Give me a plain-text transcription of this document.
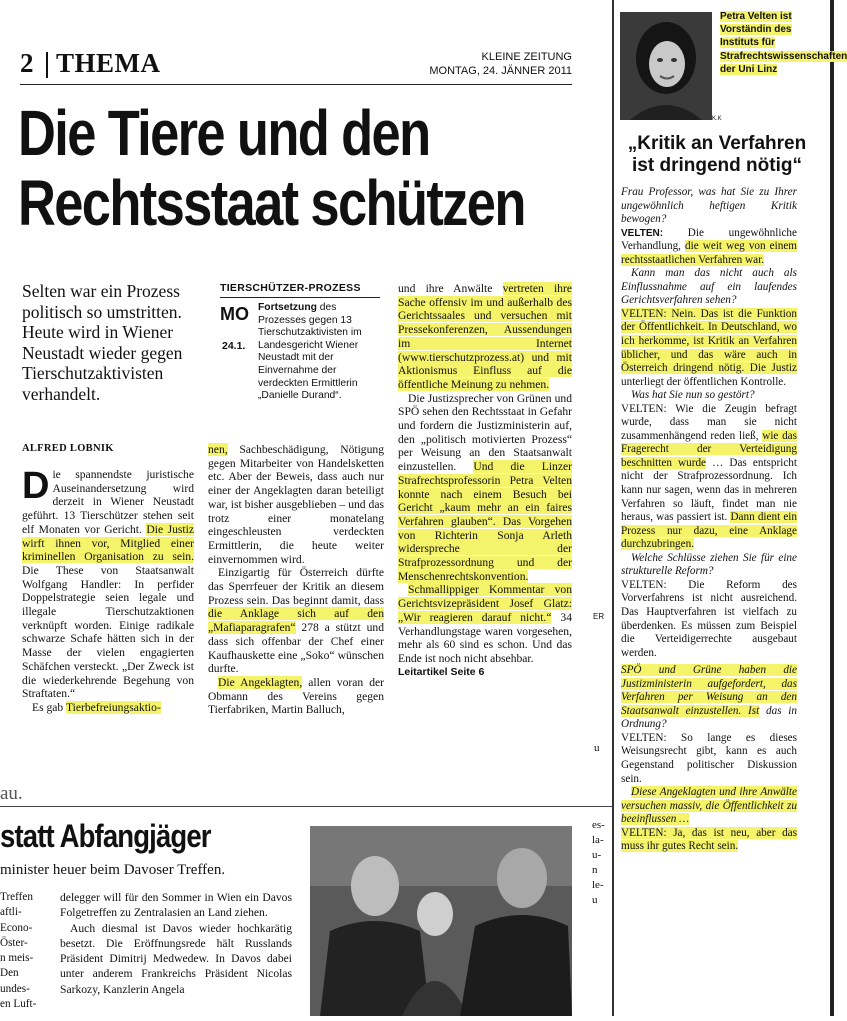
2 THEMA	KLEINE ZEITUNG
MONTAG, 24. JÄNNER 2011
Die Tiere und den
Rechtsstaat schützen
Selten war ein Prozess politisch so umstritten. Heute wird in Wiener Neustadt wieder gegen Tierschutzaktivisten verhandelt.
TIERSCHÜTZER-PROZESS
MO
24.1.
Fortsetzung des Prozesses gegen 13 Tierschutzaktivisten im Landesgericht Wiener Neustadt mit der Einvernahme der verdeckten Ermittlerin „Danielle Durand“.
und ihre Anwälte vertreten ihre Sache offensiv im und außerhalb des Gerichtssaales und versuchen mit Pressekonferenzen, Aussendungen im Internet (www.tierschutzprozess.at) und mit Aktionismus Einfluss auf die öffentliche Meinung zu nehmen.

Die Justizsprecher von Grünen und SPÖ sehen den Rechtsstaat in Gefahr und fordern die Justizministerin auf, den „politisch motivierten Prozess“ per Weisung an den Staatsanwalt einzustellen. Und die Linzer Strafrechtsprofessorin Petra Velten konnte nach einem Besuch bei Gericht „kaum mehr an ein faires Verfahren glauben“. Das Vorgehen von Richterin Sonja Arleth widerspreche der Strafprozessordnung und der Menschenrechtskonvention.

Schmallippiger Kommentar von Gerichtsvizepräsident Josef Glatz: „Wir reagieren darauf nicht.“ 34 Verhandlungstage waren vorgesehen, mehr als 60 sind es schon. Und das Ende ist noch nicht absehbar.

Leitartikel Seite 6

ALFRED LOBNIK
D ie spannendste juristische Auseinandersetzung wird derzeit in Wiener Neustadt geführt. 13 Tierschützer stehen seit elf Monaten vor Gericht. Die Justiz wirft ihnen vor, Mitglied einer kriminellen Organisation zu sein. Die These von Staatsanwalt Wolfgang Handler: In perfider Doppelstrategie seien legale und illegale Tierschutzaktionen verknüpft worden. Einige radikale schwarze Schafe hätten sich in der Masse der vielen engagierten Schäfchen versteckt. „Der Zweck ist die wiederkehrende Begehung von Straftaten.“

Es gab Tierbefreiungsaktio-

nen, Sachbeschädigung, Nötigung gegen Mitarbeiter von Handelsketten etc. Aber der Beweis, dass auch nur einer der Angeklagten daran beteiligt war, ist bisher ausgeblieben – und das trotz einer monatelang eingeschleusten verdeckten Ermittlerin, die heute weiter einvernommen wird.

Einzigartig für Österreich dürfte das Sperrfeuer der Kritik an diesem Prozess sein. Das beginnt damit, dass die Anklage sich auf den „Mafiaparagrafen“ 278 a stützt und dass sich offenbar der Chef einer Kaufhauskette eine „Soko“ wünschen durfte.

Die Angeklagten, allen voran der Obmann des Vereins gegen Tierfabriken, Martin Balluch,

ER
u
Petra Velten ist Vorständin des Instituts für Strafrechtswissenschaften der Uni Linz
K.K
„Kritik an Verfahren ist dringend nötig“

Frau Professor, was hat Sie zu Ihrer ungewöhnlich heftigen Kritik bewogen?

VELTEN: Die ungewöhnliche Verhandlung, die weit weg von einem rechtsstaatlichen Verfahren war.

Kann man das nicht auch als Einflussnahme auf ein laufendes Gerichtsverfahren sehen?

VELTEN: Nein. Das ist die Funktion der Öffentlichkeit. In Deutschland, wo ich herkomme, ist Kritik an Verfahren üblicher, und das wäre auch in Österreich dringend nötig. Die Justiz unterliegt der öffentlichen Kontrolle.

Was hat Sie nun so gestört?

VELTEN: Wie die Zeugin befragt wurde, dass man sie nicht zusammenhängend reden ließ, wie das Fragerecht der Verteidigung beschnitten wurde … Das entspricht nicht der Strafprozessordnung. Ich kann nur sagen, wenn das in mehreren Verfahren so läuft, findet man nie heraus, was passiert ist. Dann dient ein Prozess nur dazu, eine Anklage durchzubringen.

Welche Schlüsse ziehen Sie für eine strukturelle Reform?

VELTEN: Die Reform des Vorverfahrens ist nicht ausreichend. Das Hauptverfahren ist vielfach zu überdenken. Es müssen zum Beispiel die Verteidigerrechte ausgebaut werden.

SPÖ und Grüne haben die Justizministerin aufgefordert, das Verfahren per Weisung an den Staatsanwalt einzustellen. Ist das in Ordnung?

VELTEN: So lange es dieses Weisungsrecht gibt, kann es auch Gegenstand politischer Diskussion sein.

Diese Angeklagten und ihre Anwälte versuchen massiv, die Öffentlichkeit zu beeinflussen …

VELTEN: Ja, das ist neu, aber das muss ihr gutes Recht sein.

au.
statt Abfangjäger
minister heuer beim Davoser Treffen.
Treffen
aftli-
Econo-
Öster-
n meis-
Den
undes-
en Luft-

delegger will für den Sommer in Wien ein Davos Folgetreffen zu Zentralasien an Land ziehen.

Auch diesmal ist Davos wieder hochkarätig besetzt. Die Eröffnungsrede hält Russlands Präsident Dimitrij Medwedew. In Davos dabei unter anderem Frankreichs Präsident Nicolas Sarkozy, Kanzlerin Angela

es-
la-
u-
n
le-
u
